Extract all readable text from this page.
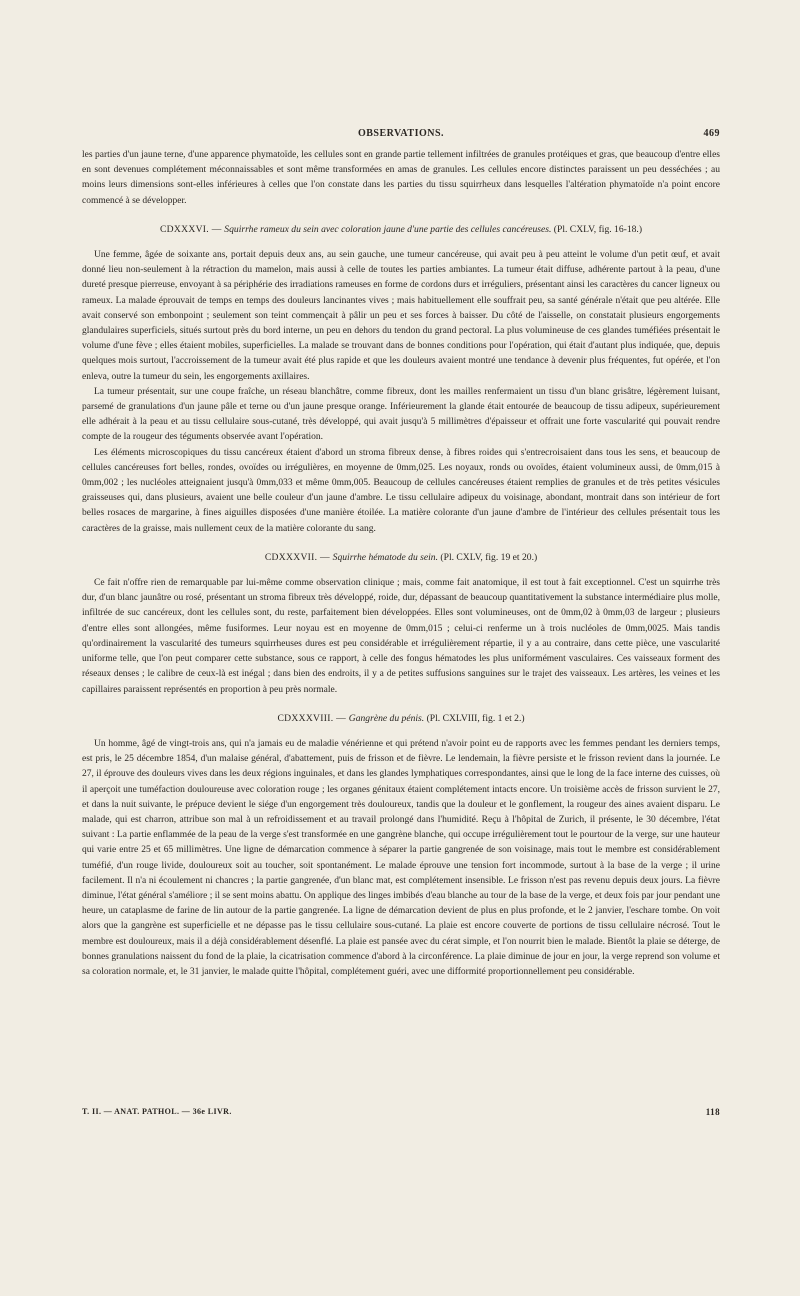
OBSERVATIONS.	469

les parties d'un jaune terne, d'une apparence phymatoïde, les cellules sont en grande partie tellement infiltrées de granules protéiques et gras, que beaucoup d'entre elles en sont devenues complétement méconnaissables et sont même transformées en amas de granules. Les cellules encore distinctes paraissent un peu desséchées ; au moins leurs dimensions sont-elles inférieures à celles que l'on constate dans les parties du tissu squirrheux dans lesquelles l'altération phymatoïde n'a point encore commencé à se développer.

CDXXXVI. — Squirrhe rameux du sein avec coloration jaune d'une partie des cellules cancéreuses. (Pl. CXLV, fig. 16-18.)

Une femme, âgée de soixante ans, portait depuis deux ans, au sein gauche, une tumeur cancéreuse, qui avait peu à peu atteint le volume d'un petit œuf, et avait donné lieu non-seulement à la rétraction du mamelon, mais aussi à celle de toutes les parties ambiantes. La tumeur était diffuse, adhérente partout à la peau, d'une dureté presque pierreuse, envoyant à sa périphérie des irradiations rameuses en forme de cordons durs et irréguliers, présentant ainsi les caractères du cancer ligneux ou rameux. La malade éprouvait de temps en temps des douleurs lancinantes vives ; mais habituellement elle souffrait peu, sa santé générale n'était que peu altérée. Elle avait conservé son embonpoint ; seulement son teint commençait à pâlir un peu et ses forces à baisser. Du côté de l'aisselle, on constatait plusieurs engorgements glandulaires superficiels, situés surtout près du bord interne, un peu en dehors du tendon du grand pectoral. La plus volumineuse de ces glandes tuméfiées présentait le volume d'une fève ; elles étaient mobiles, superficielles. La malade se trouvant dans de bonnes conditions pour l'opération, qui était d'autant plus indiquée, que, depuis quelques mois surtout, l'accroissement de la tumeur avait été plus rapide et que les douleurs avaient montré une tendance à devenir plus fréquentes, fut opérée, et l'on enleva, outre la tumeur du sein, les engorgements axillaires.

La tumeur présentait, sur une coupe fraîche, un réseau blanchâtre, comme fibreux, dont les mailles renfermaient un tissu d'un blanc grisâtre, légèrement luisant, parsemé de granulations d'un jaune pâle et terne ou d'un jaune presque orange. Inférieurement la glande était entourée de beaucoup de tissu adipeux, supérieurement elle adhérait à la peau et au tissu cellulaire sous-cutané, très développé, qui avait jusqu'à 5 millimètres d'épaisseur et offrait une forte vascularité qui pouvait rendre compte de la rougeur des téguments observée avant l'opération.

Les éléments microscopiques du tissu cancéreux étaient d'abord un stroma fibreux dense, à fibres roides qui s'entrecroisaient dans tous les sens, et beaucoup de cellules cancéreuses fort belles, rondes, ovoïdes ou irrégulières, en moyenne de 0mm,025. Les noyaux, ronds ou ovoïdes, étaient volumineux aussi, de 0mm,015 à 0mm,002 ; les nucléoles atteignaient jusqu'à 0mm,033 et même 0mm,005. Beaucoup de cellules cancéreuses étaient remplies de granules et de très petites vésicules graisseuses qui, dans plusieurs, avaient une belle couleur d'un jaune d'ambre. Le tissu cellulaire adipeux du voisinage, abondant, montrait dans son intérieur de fort belles rosaces de margarine, à fines aiguilles disposées d'une manière étoilée. La matière colorante d'un jaune d'ambre de l'intérieur des cellules présentait tous les caractères de la graisse, mais nullement ceux de la matière colorante du sang.

CDXXXVII. — Squirrhe hématode du sein. (Pl. CXLV, fig. 19 et 20.)

Ce fait n'offre rien de remarquable par lui-même comme observation clinique ; mais, comme fait anatomique, il est tout à fait exceptionnel. C'est un squirrhe très dur, d'un blanc jaunâtre ou rosé, présentant un stroma fibreux très développé, roide, dur, dépassant de beaucoup quantitativement la substance intermédiaire plus molle, infiltrée de suc cancéreux, dont les cellules sont, du reste, parfaitement bien développées. Elles sont volumineuses, ont de 0mm,02 à 0mm,03 de largeur ; plusieurs d'entre elles sont allongées, même fusiformes. Leur noyau est en moyenne de 0mm,015 ; celui-ci renferme un à trois nucléoles de 0mm,0025. Mais tandis qu'ordinairement la vascularité des tumeurs squirrheuses dures est peu considérable et irrégulièrement répartie, il y a au contraire, dans cette pièce, une vascularité uniforme telle, que l'on peut comparer cette substance, sous ce rapport, à celle des fongus hématodes les plus uniformément vasculaires. Ces vaisseaux forment des réseaux denses ; le calibre de ceux-là est inégal ; dans bien des endroits, il y a de petites suffusions sanguines sur le trajet des vaisseaux. Les artères, les veines et les capillaires paraissent représentés en proportion à peu près normale.

CDXXXVIII. — Gangrène du pénis. (Pl. CXLVIII, fig. 1 et 2.)

Un homme, âgé de vingt-trois ans, qui n'a jamais eu de maladie vénérienne et qui prétend n'avoir point eu de rapports avec les femmes pendant les derniers temps, est pris, le 25 décembre 1854, d'un malaise général, d'abattement, puis de frisson et de fièvre. Le lendemain, la fièvre persiste et le frisson revient dans la journée. Le 27, il éprouve des douleurs vives dans les deux régions inguinales, et dans les glandes lymphatiques correspondantes, ainsi que le long de la face interne des cuisses, où il aperçoit une tuméfaction douloureuse avec coloration rouge ; les organes génitaux étaient complétement intacts encore. Un troisième accès de frisson survient le 27, et dans la nuit suivante, le prépuce devient le siége d'un engorgement très douloureux, tandis que la douleur et le gonflement, la rougeur des aines avaient disparu. Le malade, qui est charron, attribue son mal à un refroidissement et au travail prolongé dans l'humidité. Reçu à l'hôpital de Zurich, il présente, le 30 décembre, l'état suivant : La partie enflammée de la peau de la verge s'est transformée en une gangrène blanche, qui occupe irrégulièrement tout le pourtour de la verge, sur une hauteur qui varie entre 25 et 65 millimètres. Une ligne de démarcation commence à séparer la partie gangrenée de son voisinage, mais tout le membre est considérablement tuméfié, d'un rouge livide, douloureux soit au toucher, soit spontanément. Le malade éprouve une tension fort incommode, surtout à la base de la verge ; il urine facilement. Il n'a ni écoulement ni chancres ; la partie gangrenée, d'un blanc mat, est complétement insensible. Le frisson n'est pas revenu depuis deux jours. La fièvre diminue, l'état général s'améliore ; il se sent moins abattu. On applique des linges imbibés d'eau blanche au tour de la base de la verge, et deux fois par jour pendant une heure, un cataplasme de farine de lin autour de la partie gangrenée. La ligne de démarcation devient de plus en plus profonde, et le 2 janvier, l'eschare tombe. On voit alors que la gangrène est superficielle et ne dépasse pas le tissu cellulaire sous-cutané. La plaie est encore couverte de portions de tissu cellulaire nécrosé. Tout le membre est douloureux, mais il a déjà considérablement désenflé. La plaie est pansée avec du cérat simple, et l'on nourrit bien le malade. Bientôt la plaie se déterge, de bonnes granulations naissent du fond de la plaie, la cicatrisation commence d'abord à la circonférence. La plaie diminue de jour en jour, la verge reprend son volume et sa coloration normale, et, le 31 janvier, le malade quitte l'hôpital, complétement guéri, avec une difformité proportionnellement peu considérable.

T. II. — ANAT. PATHOL. — 36e LIVR.	118
